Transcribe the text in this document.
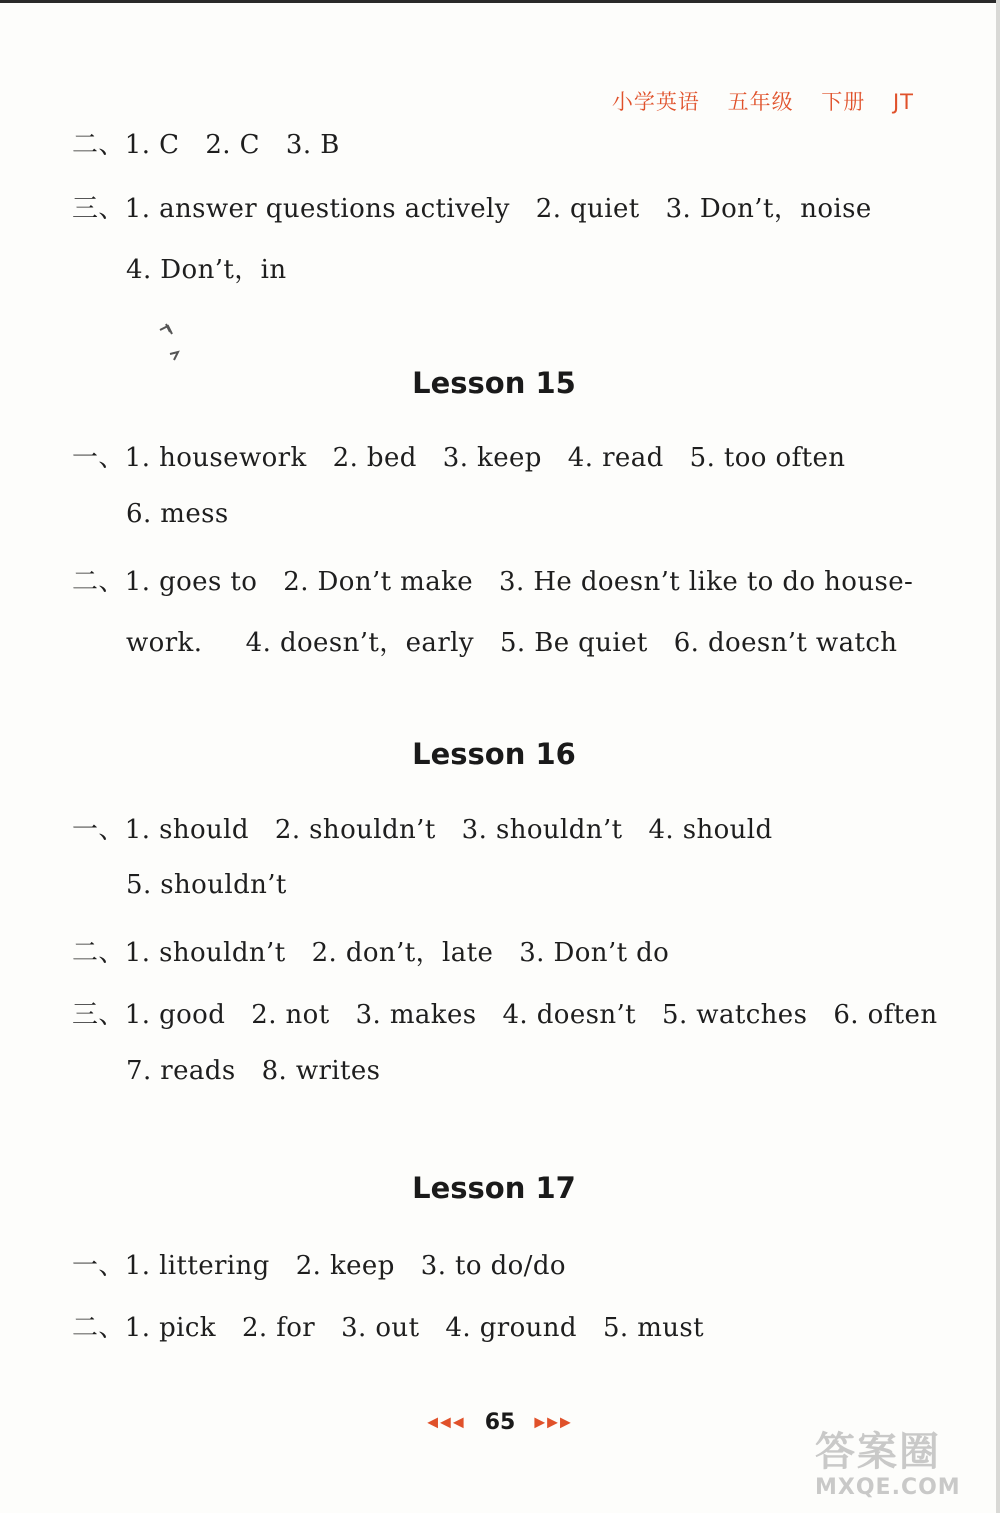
小学英语 五年级 下册 JT
二、1. C   2. C   3. B
三、1. answer questions actively   2. quiet   3. Don’t，noise
4. Don’t，in
Lesson 15
一、1. housework   2. bed   3. keep   4. read   5. too often
6. mess
二、1. goes to   2. Don’t make   3. He doesn’t like to do house-
work.     4. doesn’t，early   5. Be quiet   6. doesn’t watch
Lesson 16
一、1. should   2. shouldn’t   3. shouldn’t   4. should
5. shouldn’t
二、1. shouldn’t   2. don’t，late   3. Don’t do
三、1. good   2. not   3. makes   4. doesn’t   5. watches   6. often
7. reads   8. writes
Lesson 17
一、1. littering   2. keep   3. to do/do
二、1. pick   2. for   3. out   4. ground   5. must
◀◀◀ 65 ▶▶▶
答案圈
MXQE.COM
